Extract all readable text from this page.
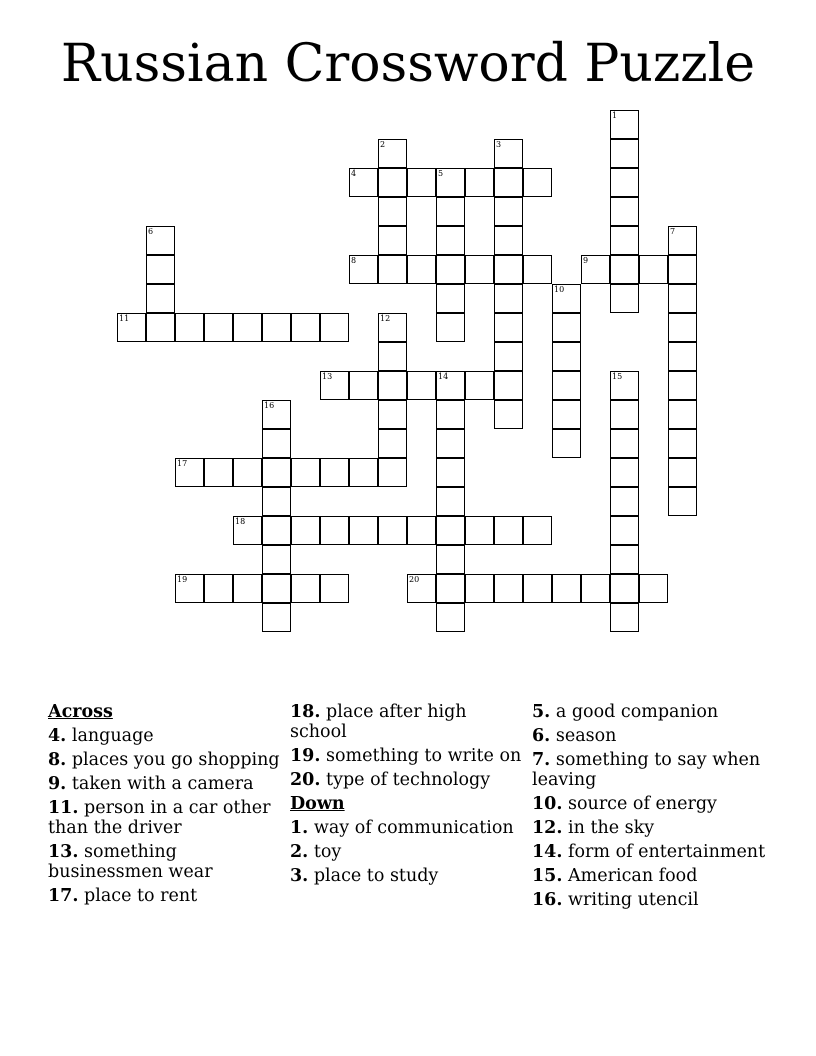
Russian Crossword Puzzle
4	5
8	9
11
13	14
17
18
19	20
1
2	3
6	7
10
12
15
16
Across
4. language
8. places you go shopping
9. taken with a camera
11. person in a car other than the driver
13. something businessmen wear
17. place to rent
18. place after high school
19. something to write on
20. type of technology
Down
1. way of communication
2. toy
3. place to study
5. a good companion
6. season
7. something to say when leaving
10. source of energy
12. in the sky
14. form of entertainment
15. American food
16. writing utencil
